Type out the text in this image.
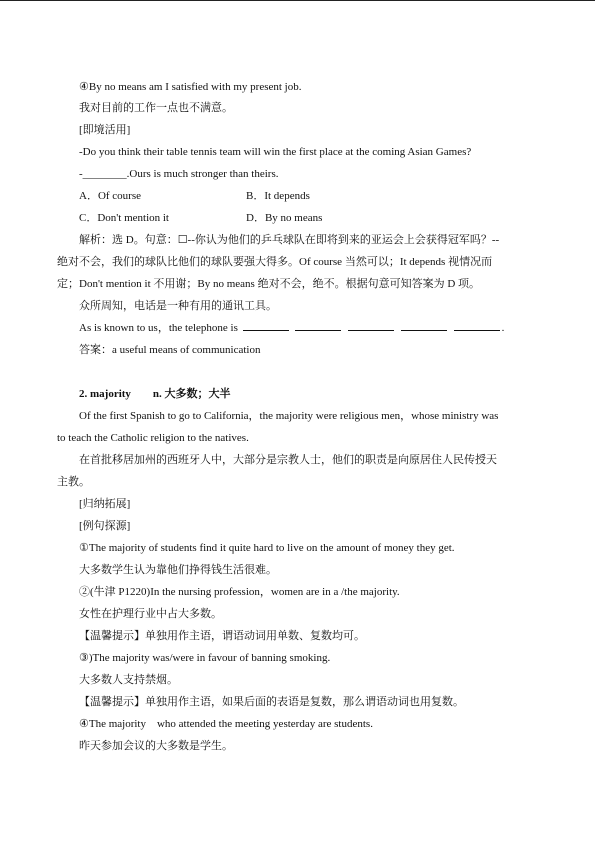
④By no means am I satisfied with my present job.
我对目前的工作一点也不满意。
[即境活用]
-Do you think their table tennis team will win the first place at the coming Asian Games?
-________.Ours is much stronger than theirs.
A．Of course	B．It depends
C．Don't mention it	D．By no means
解析：选 D。句意：☐--你认为他们的乒乓球队在即将到来的亚运会上会获得冠军吗？--
绝对不会，我们的球队比他们的球队要强大得多。Of course 当然可以；It depends 视情况而
定；Don't mention it 不用谢；By no means 绝对不会，绝不。根据句意可知答案为 D 项。
众所周知，电话是一种有用的通讯工具。
As is known to us，the telephone is	.
答案：a useful means of communication
2. majority        n. 大多数；大半
Of the first Spanish to go to California，the majority were religious men，whose ministry was
to teach the Catholic religion to the natives.
在首批移居加州的西班牙人中，大部分是宗教人士，他们的职责是向原居住人民传授天
主教。
[归纳拓展]
[例句探源]
①The majority of students find it quite hard to live on the amount of money they get.
大多数学生认为靠他们挣得钱生活很难。
②(牛津 P1220)In the nursing profession，women are in a /the majority.
女性在护理行业中占大多数。
【温馨提示】单独用作主语，谓语动词用单数、复数均可。
③)The majority was/were in favour of banning smoking.
大多数人支持禁烟。
【温馨提示】单独用作主语，如果后面的表语是复数，那么谓语动词也用复数。
④The majority    who attended the meeting yesterday are students.
昨天参加会议的大多数是学生。
